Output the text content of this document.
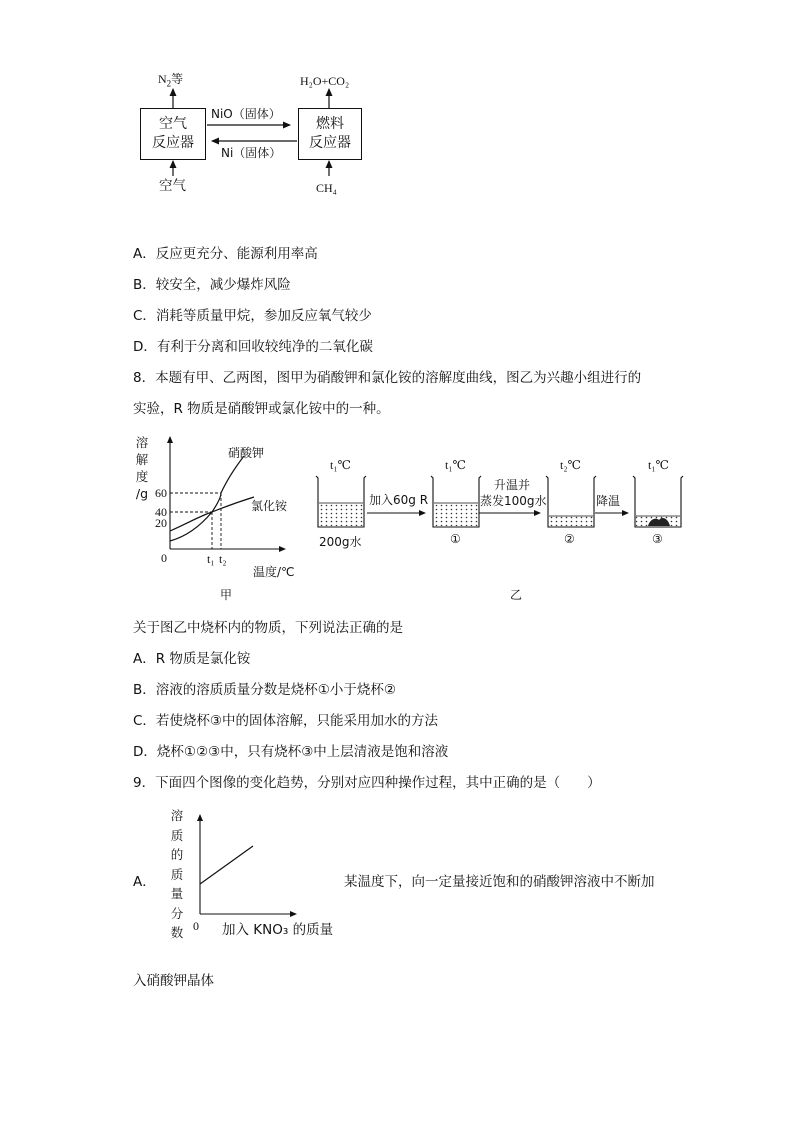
$N_2$等	H₂O+CO₂
空气
反应器
燃料
反应器
NiO（固体）
Ni（固体）
空气	CH₄
A．反应更充分、能源利用率高
B．较安全，减少爆炸风险
C．消耗等质量甲烷，参加反应氧气较少
D．有利于分离和回收较纯净的二氧化碳
8．本题有甲、乙两图，图甲为硝酸钾和氯化铵的溶解度曲线，图乙为兴趣小组进行的
实验，R 物质是硝酸钾或氯化铵中的一种。
溶
解
度
/g 60
40
20
0	t₁ t₂
硝酸钾
氯化铵
温度/℃
甲
t₁℃	t₁℃	t₂℃	t₁℃
加入60g R
升温并
蒸发100g水	降温
200g水	①	②	③
乙
关于图乙中烧杯内的物质，下列说法正确的是
A．R 物质是氯化铵
B．溶液的溶质质量分数是烧杯①小于烧杯②
C．若使烧杯③中的固体溶解，只能采用加水的方法
D．烧杯①②③中，只有烧杯③中上层清液是饱和溶液
9．下面四个图像的变化趋势，分别对应四种操作过程，其中正确的是（　　）
A．
溶
质
的
质
量
分
数 0 加入 KNO₃ 的质量
某温度下，向一定量接近饱和的硝酸钾溶液中不断加
入硝酸钾晶体
